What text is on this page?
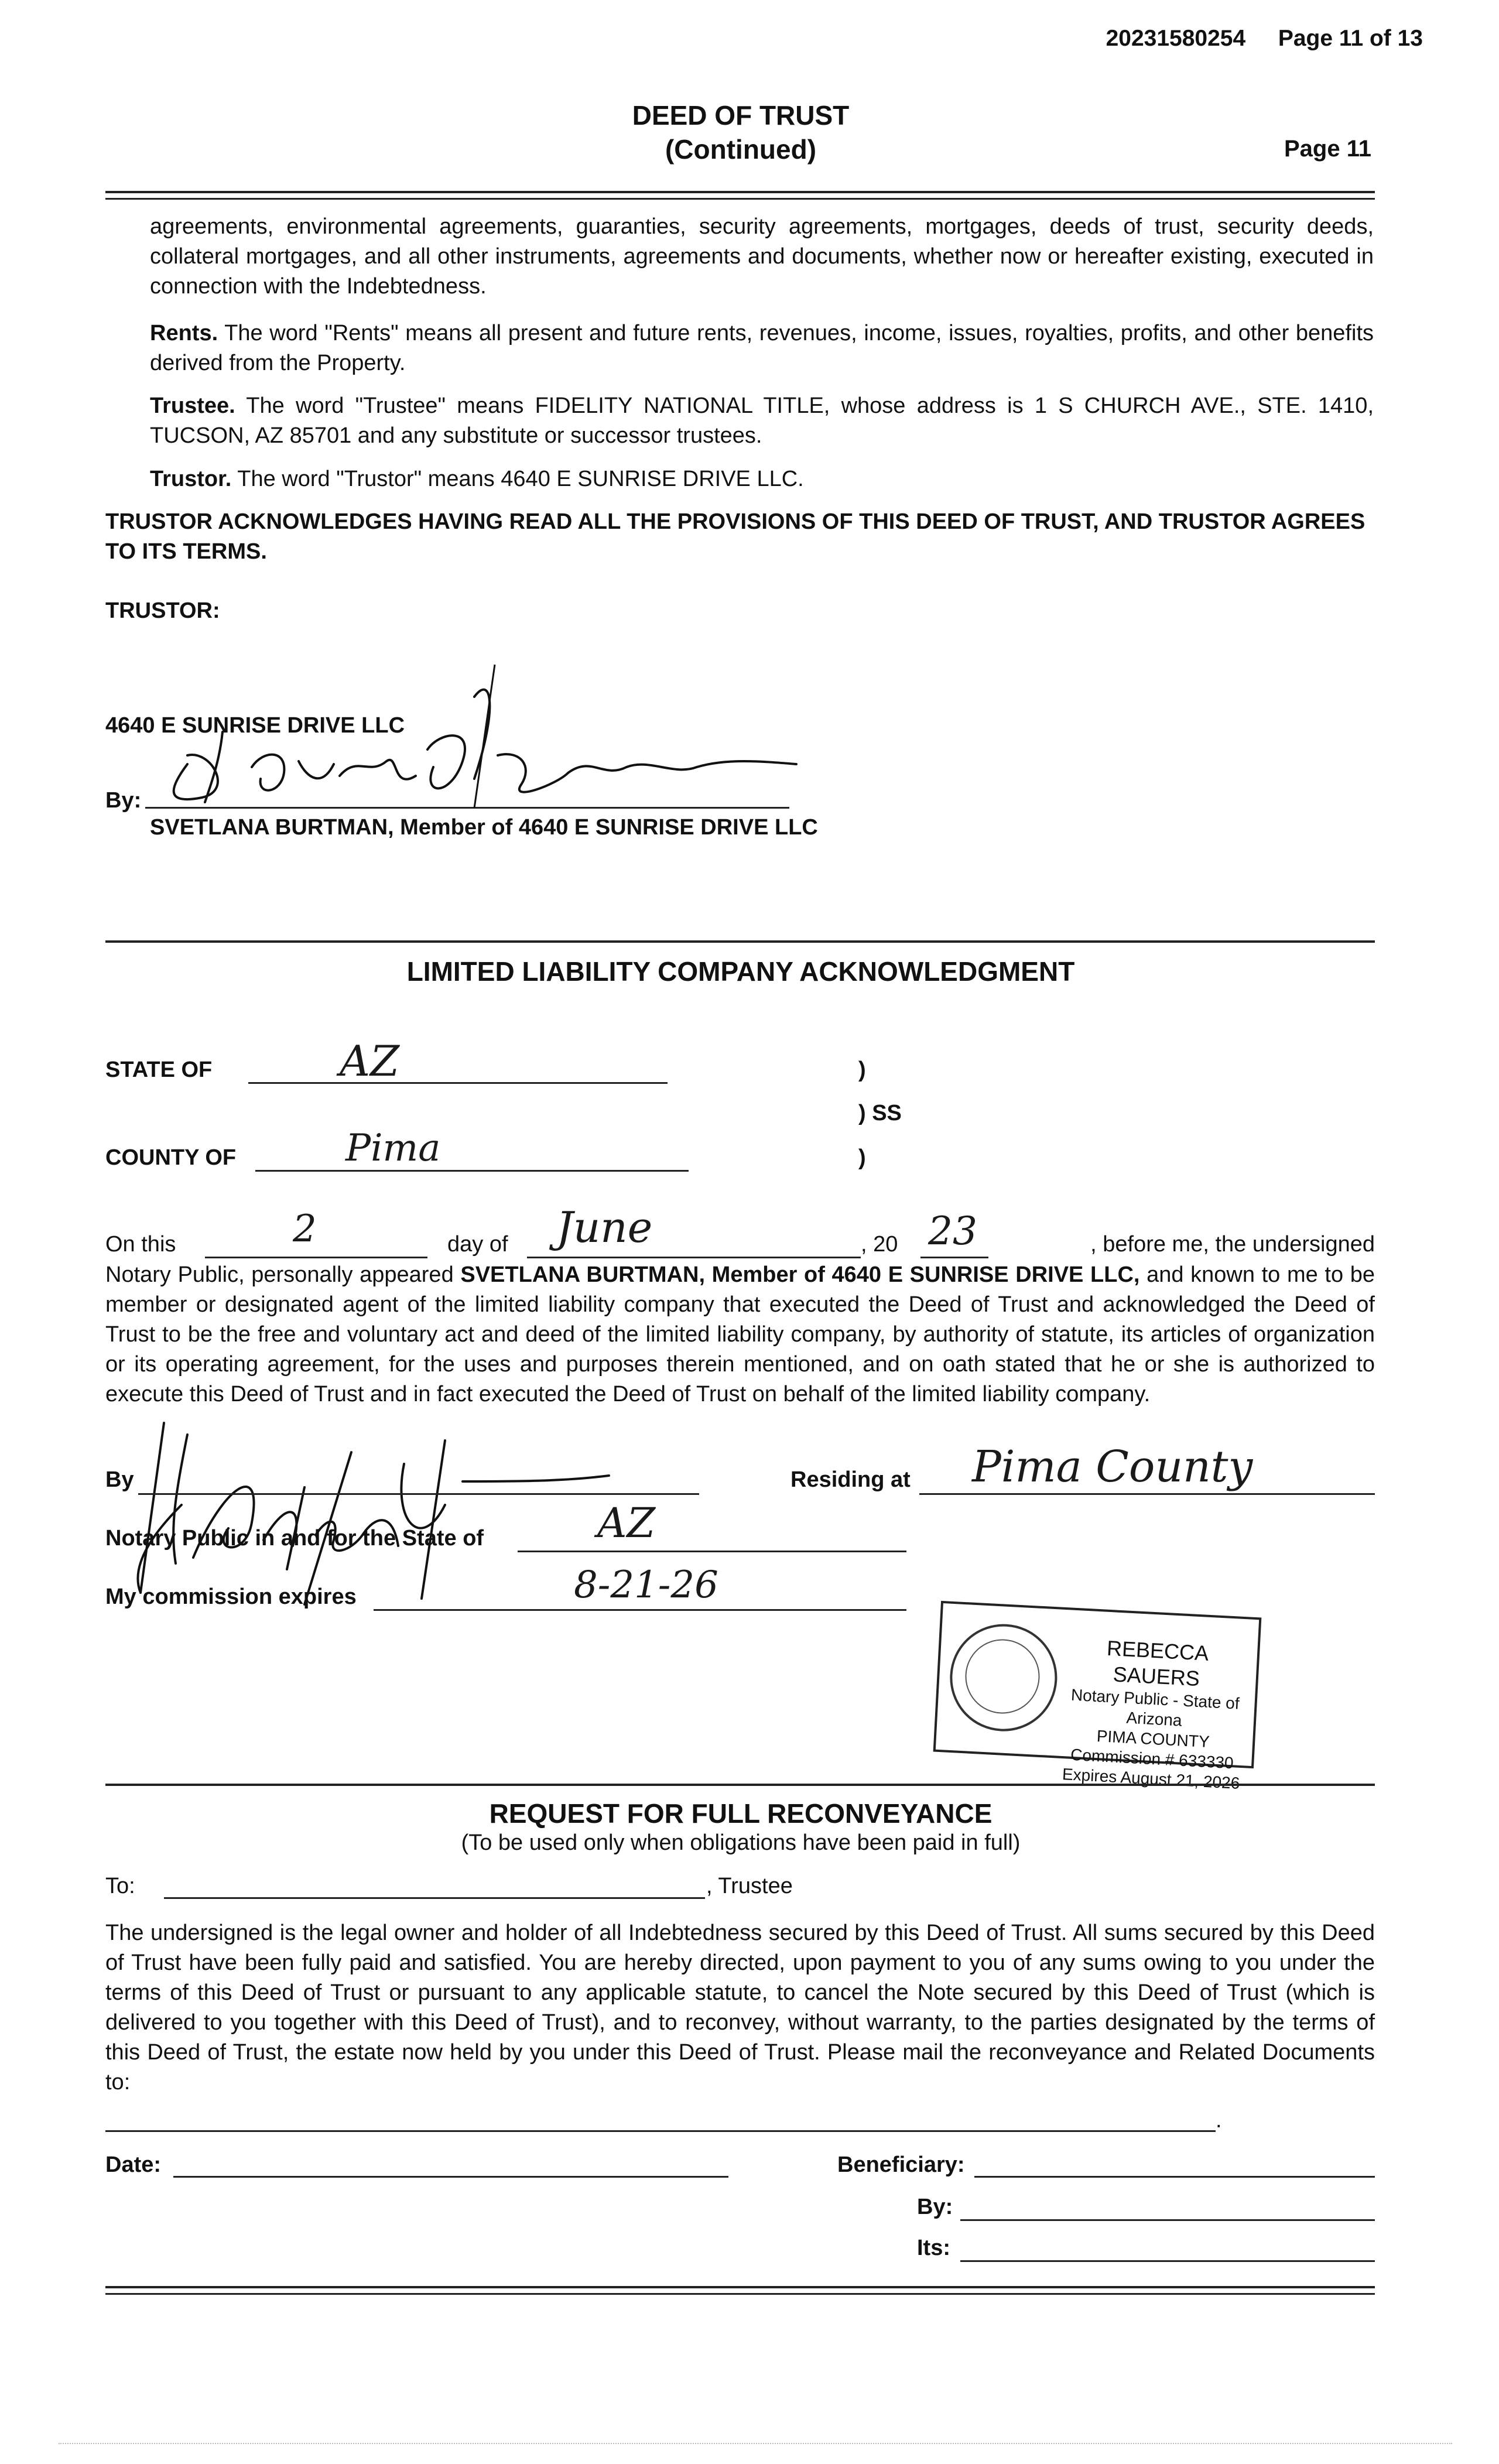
20231580254 Page 11 of 13
DEED OF TRUST
(Continued)	Page 11
agreements, environmental agreements, guaranties, security agreements, mortgages, deeds of trust, security deeds, collateral mortgages, and all other instruments, agreements and documents, whether now or hereafter existing, executed in connection with the Indebtedness.
Rents. The word "Rents" means all present and future rents, revenues, income, issues, royalties, profits, and other benefits derived from the Property.
Trustee. The word "Trustee" means FIDELITY NATIONAL TITLE, whose address is 1 S CHURCH AVE., STE. 1410, TUCSON, AZ 85701 and any substitute or successor trustees.
Trustor. The word "Trustor" means 4640 E SUNRISE DRIVE LLC.
TRUSTOR ACKNOWLEDGES HAVING READ ALL THE PROVISIONS OF THIS DEED OF TRUST, AND TRUSTOR AGREES TO ITS TERMS.
TRUSTOR:
4640 E SUNRISE DRIVE LLC
By:
SVETLANA BURTMAN, Member of 4640 E SUNRISE DRIVE LLC
LIMITED LIABILITY COMPANY ACKNOWLEDGMENT
STATE OF	AZ	)
) SS
)
COUNTY OF	Pima
On this	2	day of June	, 20 23	, before me, the undersigned
Notary Public, personally appeared SVETLANA BURTMAN, Member of 4640 E SUNRISE DRIVE LLC, and known to me to be member or designated agent of the limited liability company that executed the Deed of Trust and acknowledged the Deed of Trust to be the free and voluntary act and deed of the limited liability company, by authority of statute, its articles of organization or its operating agreement, for the uses and purposes therein mentioned, and on oath stated that he or she is authorized to execute this Deed of Trust and in fact executed the Deed of Trust on behalf of the limited liability company.
By	Residing at Pima County
Notary Public in and for the State of	AZ
My commission expires	8-21-26
REBECCA SAUERS
Notary Public - State of Arizona
PIMA COUNTY
Commission # 633330
Expires August 21, 2026
REQUEST FOR FULL RECONVEYANCE
(To be used only when obligations have been paid in full)
To:	, Trustee
The undersigned is the legal owner and holder of all Indebtedness secured by this Deed of Trust. All sums secured by this Deed of Trust have been fully paid and satisfied. You are hereby directed, upon payment to you of any sums owing to you under the terms of this Deed of Trust or pursuant to any applicable statute, to cancel the Note secured by this Deed of Trust (which is delivered to you together with this Deed of Trust), and to reconvey, without warranty, to the parties designated by the terms of this Deed of Trust, the estate now held by you under this Deed of Trust. Please mail the reconveyance and Related Documents to:
.
Date:	Beneficiary:
By:
Its:
